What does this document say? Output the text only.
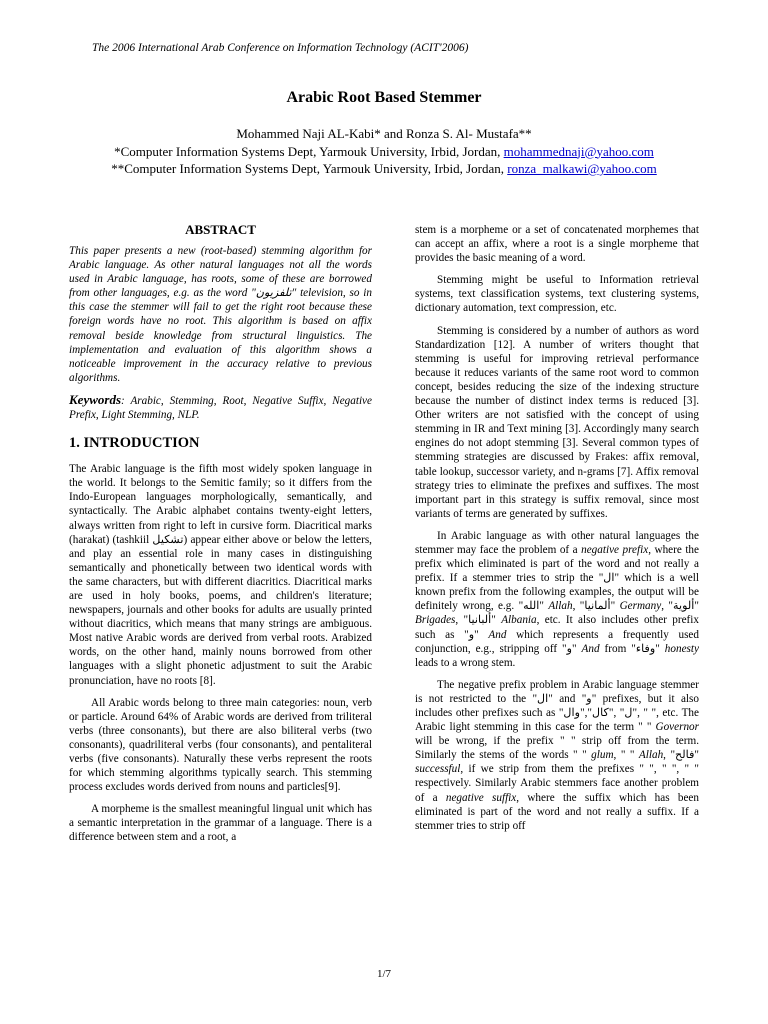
The 2006 International Arab Conference on Information Technology (ACIT'2006)
Arabic Root Based Stemmer
Mohammed Naji AL-Kabi* and Ronza S. Al- Mustafa**
*Computer Information Systems Dept, Yarmouk University, Irbid, Jordan, mohammednaji@yahoo.com
**Computer Information Systems Dept, Yarmouk University, Irbid, Jordan, ronza_malkawi@yahoo.com
ABSTRACT

This paper presents a new (root-based) stemming algorithm for Arabic language. As other natural languages not all the words used in Arabic language, has roots, some of these are borrowed from other languages, e.g. as the word "تلفزيون" television, so in this case the stemmer will fail to get the right root because these foreign words have no root. This algorithm is based on affix removal beside knowledge from structural linguistics. The implementation and evaluation of this algorithm shows a noticeable improvement in the accuracy relative to previous algorithms.

Keywords: Arabic, Stemming, Root, Negative Suffix, Negative Prefix, Light Stemming, NLP.

1. INTRODUCTION

The Arabic language is the fifth most widely spoken language in the world. It belongs to the Semitic family; so it differs from the Indo-European languages morphologically, semantically, and syntactically. The Arabic alphabet contains twenty-eight letters, always written from right to left in cursive form. Diacritical marks (harakat) (tashkiil تشكيل) appear either above or below the letters, and play an essential role in many cases in distinguishing semantically and phonetically between two identical words with the same characters, but with different diacritics. Diacritical marks are used in holy books, poems, and children's literature; newspapers, journals and other books for adults are usually printed without diacritics, which means that many strings are ambiguous. Most native Arabic words are derived from verbal roots. Arabized words, on the other hand, mainly nouns borrowed from other languages with a slight phonetic adjustment to suit the Arabic pronunciation, have no roots [8].

All Arabic words belong to three main categories: noun, verb or particle. Around 64% of Arabic words are derived from triliteral verbs (three consonants), but there are also biliteral verbs (two consonants), quadriliteral verbs (four consonants), and pentaliteral verbs (five consonants). Naturally these verbs represent the roots for which stemming algorithms typically search. This stemming process excludes words derived from nouns and particles[9].

A morpheme is the smallest meaningful lingual unit which has a semantic interpretation in the grammar of a language. There is a difference between stem and a root, a

stem is a morpheme or a set of concatenated morphemes that can accept an affix, where a root is a single morpheme that provides the basic meaning of a word.

Stemming might be useful to Information retrieval systems, text classification systems, text clustering systems, dictionary automation, text compression, etc.

Stemming is considered by a number of authors as word Standardization [12]. A number of writers thought that stemming is useful for improving retrieval performance because it reduces variants of the same root word to common concept, besides reducing the size of the indexing structure because the number of distinct index terms is reduced [3]. Other writers are not satisfied with the concept of using stemming in IR and Text mining [3]. Accordingly many search engines do not adopt stemming [3]. Several common types of stemming strategies are discussed by Frakes: affix removal, table lookup, successor variety, and n-grams [7]. Affix removal strategy tries to eliminate the prefixes and suffixes. The most important part in this strategy is suffix removal, since most variants of terms are generated by suffixes.

In Arabic language as with other natural languages the stemmer may face the problem of a negative prefix, where the prefix which eliminated is part of the word and not really a prefix. If a stemmer tries to strip the "ال" which is a well known prefix from the following examples, the output will be definitely wrong, e.g. "الله" Allah, "ألمانيا" Germany, "ألوية" Brigades, "ألبانيا" Albania, etc. It also includes other prefix such as "و" And which represents a frequently used conjunction, e.g., stripping off "و" And from "وفاء" honesty leads to a wrong stem.

The negative prefix problem in Arabic language stemmer is not restricted to the "ال" and "و" prefixes, but it also includes other prefixes such as "وال","كال", "ل", " ", etc. The Arabic light stemming in this case for the term " " Governor will be wrong, if the prefix " " strip off from the term. Similarly the stems of the words " " glum, " " Allah, "فالح" successful, if we strip from them the prefixes " ", " ", " " respectively. Similarly Arabic stemmers face another problem of a negative suffix, where the suffix which has been eliminated is part of the word and not really a suffix. If a stemmer tries to strip off

1/7
